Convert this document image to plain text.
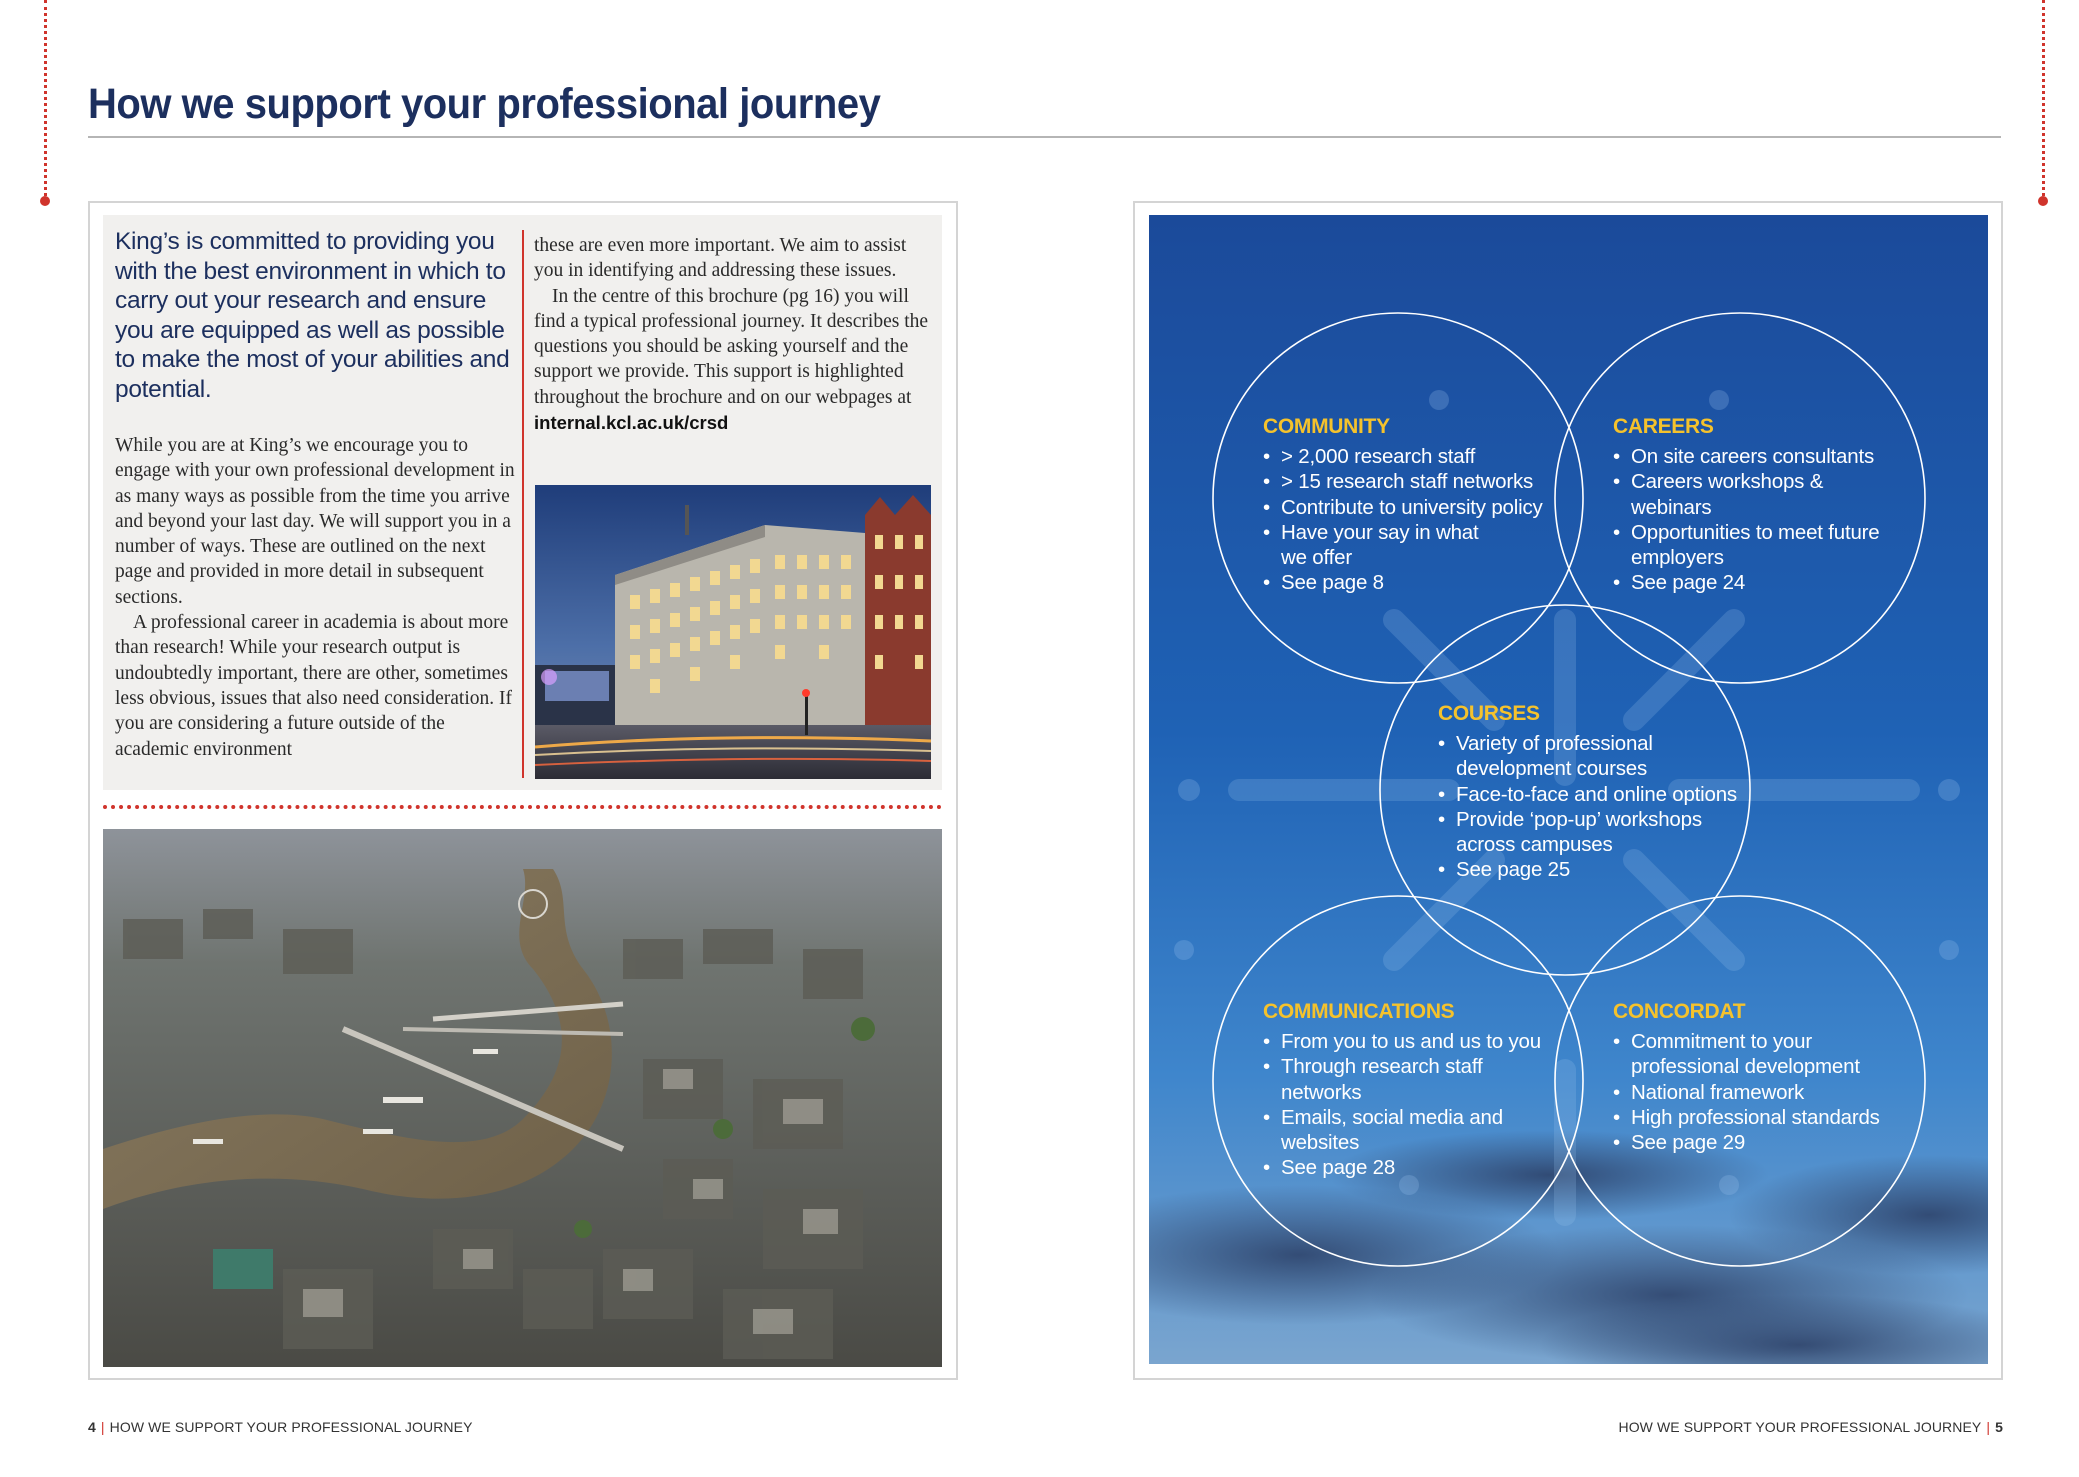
How we support your professional journey

King’s is committed to providing you with the best environment in which to carry out your research and ensure you are equipped as well as possible to make the most of your abilities and potential.

While you are at King’s we encourage you to engage with your own professional development in as many ways as possible from the time you arrive and beyond your last day. We will support you in a number of ways. These are outlined on the next page and provided in more detail in subsequent sections.
A professional career in academia is about more than research! While your research output is undoubtedly important, there are other, sometimes less obvious, issues that also need consideration. If you are considering a future outside of the academic environment
these are even more important. We aim to assist you in identifying and addressing these issues.
In the centre of this brochure (pg 16) you will find a typical professional journey. It describes the questions you should be asking yourself and the support we provide. This support is highlighted throughout the brochure and on our webpages at internal.kcl.ac.uk/crsd	COMMUNITY
• > 2,000 research staff
• > 15 research staff networks
• Contribute to university policy
• Have your say in what we offer
• See page 8
CAREERS
• On site careers consultants
• Careers workshops & webinars
• Opportunities to meet future employers
• See page 24
COURSES
• Variety of professional development courses
• Face-to-face and online options
• Provide ‘pop-up’ workshops across campuses
• See page 25
COMMUNICATIONS
• From you to us and us to you
• Through research staff networks
• Emails, social media and websites
• See page 28
CONCORDAT
• Commitment to your professional development
• National framework
• High professional standards
• See page 29
4 | HOW WE SUPPORT YOUR PROFESSIONAL JOURNEY	HOW WE SUPPORT YOUR PROFESSIONAL JOURNEY | 5
